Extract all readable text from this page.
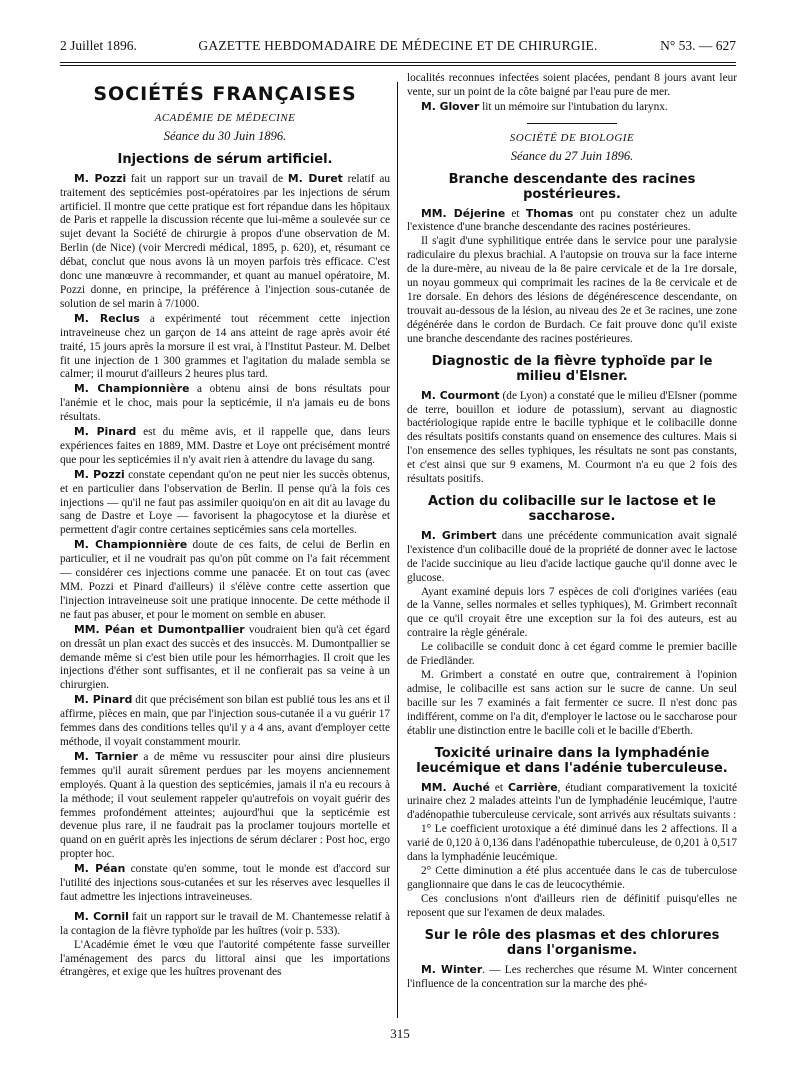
2 Juillet 1896.	GAZETTE HEBDOMADAIRE DE MÉDECINE ET DE CHIRURGIE.	N° 53. — 627
SOCIÉTÉS FRANÇAISES
ACADÉMIE DE MÉDECINE
Séance du 30 Juin 1896.
Injections de sérum artificiel.

M. Pozzi fait un rapport sur un travail de M. Duret relatif au traitement des septicémies post-opératoires par les injections de sérum artificiel. Il montre que cette pratique est fort répandue dans les hôpitaux de Paris et rappelle la discussion récente que lui-même a soulevée sur ce sujet devant la Société de chirurgie à propos d'une observation de M. Berlin (de Nice) (voir Mercredi médical, 1895, p. 620), et, résumant ce débat, conclut que nous avons là un moyen parfois très efficace. C'est donc une manœuvre à recommander, et quant au manuel opératoire, M. Pozzi donne, en principe, la préférence à l'injection sous-cutanée de solution de sel marin à 7/1000.

M. Reclus a expérimenté tout récemment cette injection intraveineuse chez un garçon de 14 ans atteint de rage après avoir été traité, 15 jours après la morsure il est vrai, à l'Institut Pasteur. M. Delbet fit une injection de 1 300 grammes et l'agitation du malade sembla se calmer; il mourut d'ailleurs 2 heures plus tard.

M. Championnière a obtenu ainsi de bons résultats pour l'anémie et le choc, mais pour la septicémie, il n'a jamais eu de bons résultats.

M. Pinard est du même avis, et il rappelle que, dans leurs expériences faites en 1889, MM. Dastre et Loye ont précisément montré que pour les septicémies il n'y avait rien à attendre du lavage du sang.

M. Pozzi constate cependant qu'on ne peut nier les succès obtenus, et en particulier dans l'observation de Berlin. Il pense qu'à la fois ces injections — qu'il ne faut pas assimiler quoiqu'on en ait dit au lavage du sang de Dastre et Loye — favorisent la phagocytose et la diurèse et permettent d'agir contre certaines septicémies sans cela mortelles.

M. Championnière doute de ces faits, de celui de Berlin en particulier, et il ne voudrait pas qu'on pût comme on l'a fait récemment — considérer ces injections comme une panacée. Et on tout cas (avec MM. Pozzi et Pinard d'ailleurs) il s'élève contre cette assertion que l'injection intraveineuse soit une pratique innocente. De cette méthode il ne faut pas abuser, et pour le moment on semble en abuser.

MM. Péan et Dumontpallier voudraient bien qu'à cet égard on dressât un plan exact des succès et des insuccès. M. Dumontpallier se demande même si c'est bien utile pour les hémorrhagies. Il croit que les injections d'éther sont suffisantes, et il ne confierait pas sa veine à un chirurgien.

M. Pinard dit que précisément son bilan est publié tous les ans et il affirme, pièces en main, que par l'injection sous-cutanée il a vu guérir 17 femmes dans des conditions telles qu'il y a 4 ans, avant d'employer cette méthode, il voyait constamment mourir.

M. Tarnier a de même vu ressusciter pour ainsi dire plusieurs femmes qu'il aurait sûrement perdues par les moyens anciennement employés. Quant à la question des septicémies, jamais il n'a eu recours à la méthode; il vout seulement rappeler qu'autrefois on voyait guérir des femmes profondément atteintes; aujourd'hui que la septicémie est devenue plus rare, il ne faudrait pas la proclamer toujours mortelle et quand on en guérit après les injections de sérum déclarer : Post hoc, ergo propter hoc.

M. Péan constate qu'en somme, tout le monde est d'accord sur l'utilité des injections sous-cutanées et sur les réserves avec lesquelles il faut admettre les injections intraveineuses.

M. Cornil fait un rapport sur le travail de M. Chantemesse relatif à la contagion de la fièvre typhoïde par les huîtres (voir p. 533).

L'Académie émet le vœu que l'autorité compétente fasse surveiller l'aménagement des parcs du littoral ainsi que les importations étrangères, et exige que les huîtres provenant des

localités reconnues infectées soient placées, pendant 8 jours avant leur vente, sur un point de la côte baigné par l'eau pure de mer.

M. Glover lit un mémoire sur l'intubation du larynx.

SOCIÉTÉ DE BIOLOGIE
Séance du 27 Juin 1896.
Branche descendante des racines postérieures.

MM. Déjerine et Thomas ont pu constater chez un adulte l'existence d'une branche descendante des racines postérieures.

Il s'agit d'une syphilitique entrée dans le service pour une paralysie radiculaire du plexus brachial. A l'autopsie on trouva sur la face interne de la dure-mère, au niveau de la 8e paire cervicale et de la 1re dorsale, un noyau gommeux qui comprimait les racines de la 8e cervicale et de 1re dorsale. En dehors des lésions de dégénérescence descendante, on trouvait au-dessous de la lésion, au niveau des 2e et 3e racines, une zone dégénérée dans le cordon de Burdach. Ce fait prouve donc qu'il existe une branche descendante des racines postérieures.

Diagnostic de la fièvre typhoïde par le milieu d'Elsner.

M. Courmont (de Lyon) a constaté que le milieu d'Elsner (pomme de terre, bouillon et iodure de potassium), servant au diagnostic bactériologique rapide entre le bacille typhique et le colibacille donne des résultats positifs constants quand on ensemence des cultures. Mais si l'on ensemence des selles typhiques, les résultats ne sont pas constants, et c'est ainsi que sur 9 examens, M. Courmont n'a eu que 2 fois des résultats positifs.

Action du colibacille sur le lactose et le saccharose.

M. Grimbert dans une précédente communication avait signalé l'existence d'un colibacille doué de la propriété de donner avec le lactose de l'acide succinique au lieu d'acide lactique gauche qu'il donne avec le glucose.

Ayant examiné depuis lors 7 espèces de coli d'origines variées (eau de la Vanne, selles normales et selles typhiques), M. Grimbert reconnaît que ce qu'il croyait être une exception sur la foi des auteurs, est au contraire la règle générale.

Le colibacille se conduit donc à cet égard comme le premier bacille de Friedländer.

M. Grimbert a constaté en outre que, contrairement à l'opinion admise, le colibacille est sans action sur le sucre de canne. Un seul bacille sur les 7 examinés a fait fermenter ce sucre. Il n'est donc pas indifférent, comme on l'a dit, d'employer le lactose ou le saccharose pour établir une distinction entre le bacille coli et le bacille d'Eberth.

Toxicité urinaire dans la lymphadénie leucémique et dans l'adénie tuberculeuse.

MM. Auché et Carrière, étudiant comparativement la toxicité urinaire chez 2 malades atteints l'un de lymphadénie leucémique, l'autre d'adénopathie tuberculeuse cervicale, sont arrivés aux résultats suivants :

1° Le coefficient urotoxique a été diminué dans les 2 affections. Il a varié de 0,120 à 0,136 dans l'adénopathie tuberculeuse, de 0,201 à 0,517 dans la lymphadénie leucémique.

2° Cette diminution a été plus accentuée dans le cas de tuberculose ganglionnaire que dans le cas de leucocythémie.

Ces conclusions n'ont d'ailleurs rien de définitif puisqu'elles ne reposent que sur l'examen de deux malades.

Sur le rôle des plasmas et des chlorures dans l'organisme.

M. Winter. — Les recherches que résume M. Winter concernent l'influence de la concentration sur la marche des phé-

315
